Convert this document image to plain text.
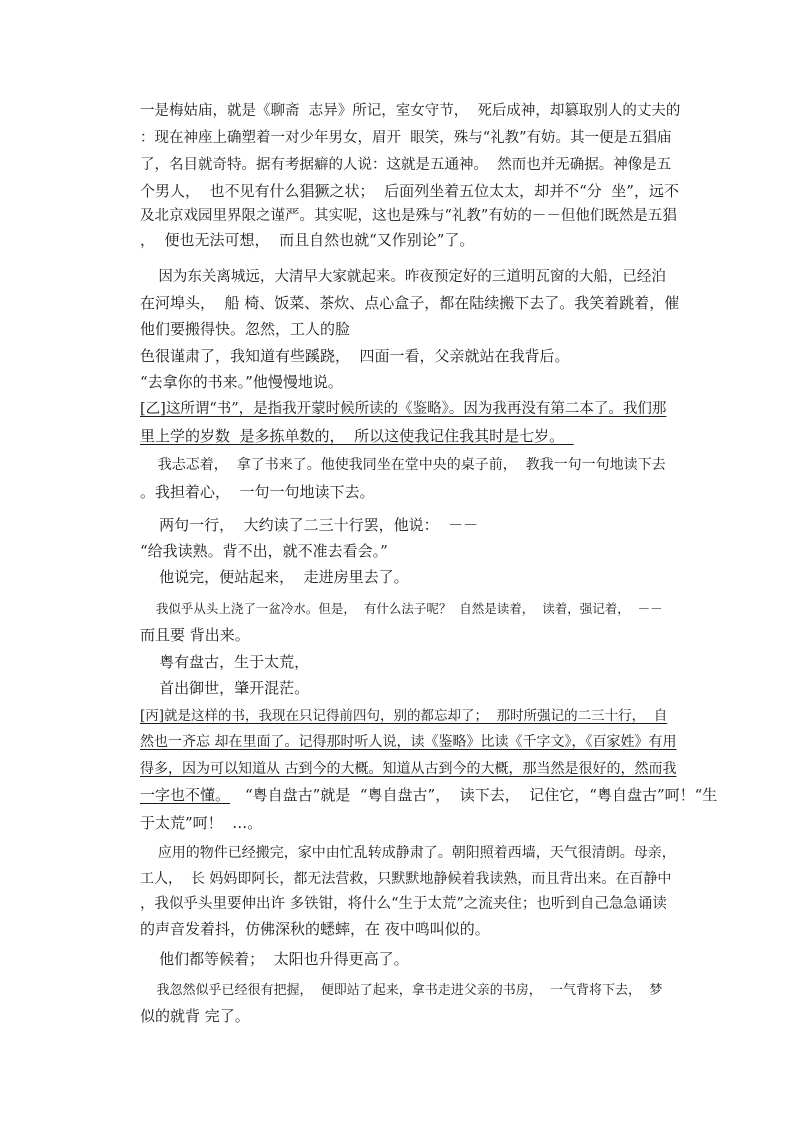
一是梅姑庙，就是《聊斋  志异》所记，室女守节，  死后成神，却篡取别人的丈夫的
：现在神座上确塑着一对少年男女，眉开  眼笑，殊与“礼教”有妨。其一便是五猖庙
了，名目就奇特。据有考据癖的人说：这就是五通神。  然而也并无确据。神像是五
个男人，  也不见有什么猖獗之状；  后面列坐着五位太太，却并不“分  坐”，远不
及北京戏园里界限之谨严。其实呢，这也是殊与“礼教”有妨的－－但他们既然是五猖
，  便也无法可想，  而且自然也就“又作别论”了。
因为东关离城远，大清早大家就起来。昨夜预定好的三道明瓦窗的大船，已经泊
在河埠头，  船 椅、饭菜、茶炊、点心盒子，都在陆续搬下去了。我笑着跳着，催
他们要搬得快。忽然，工人的脸
色很谨肃了，我知道有些蹊跷，  四面一看，父亲就站在我背后。
“去拿你的书来。”他慢慢地说。
[乙]这所谓“书”，是指我开蒙时候所读的《鉴略》。因为我再没有第二本了。我们那
里上学的岁数  是多拣单数的，  所以这使我记住我其时是七岁。
我忐忑着，  拿了书来了。他使我同坐在堂中央的桌子前，  教我一句一句地读下去
。我担着心，  一句一句地读下去。
两句一行，  大约读了二三十行罢，他说：  －－
“给我读熟。背不出，就不准去看会。”
他说完，便站起来，  走进房里去了。
我似乎从头上浇了一盆冷水。但是，  有什么法子呢？  自然是读着，  读着，强记着，  －－
而且要 背出来。
粤有盘古，生于太荒，
首出御世，肇开混茫。
[丙]就是这样的书，我现在只记得前四句，别的都忘却了；  那时所强记的二三十行，  自
然也一齐忘 却在里面了。记得那时听人说，读《鉴略》比读《千字文》，《百家姓》有用
得多，因为可以知道从 古到今的大概。知道从古到今的大概，那当然是很好的，然而我
一字也不懂。 “粤自盘古”就是  “粤自盘古”，  读下去，  记住它，“粤自盘古”呵！“生
于太荒”呵！  …。
应用的物件已经搬完，家中由忙乱转成静肃了。朝阳照着西墙，天气很清朗。母亲，
工人，  长 妈妈即阿长，都无法营救，只默默地静候着我读熟，而且背出来。在百静中
，我似乎头里要伸出许 多铁钳，将什么“生于太荒”之流夹住；也听到自己急急诵读
的声音发着抖，仿佛深秋的蟋蟀，在 夜中鸣叫似的。
他们都等候着；  太阳也升得更高了。
我忽然似乎已经很有把握，  便即站了起来，拿书走进父亲的书房，  一气背将下去，  梦
似的就背 完了。
